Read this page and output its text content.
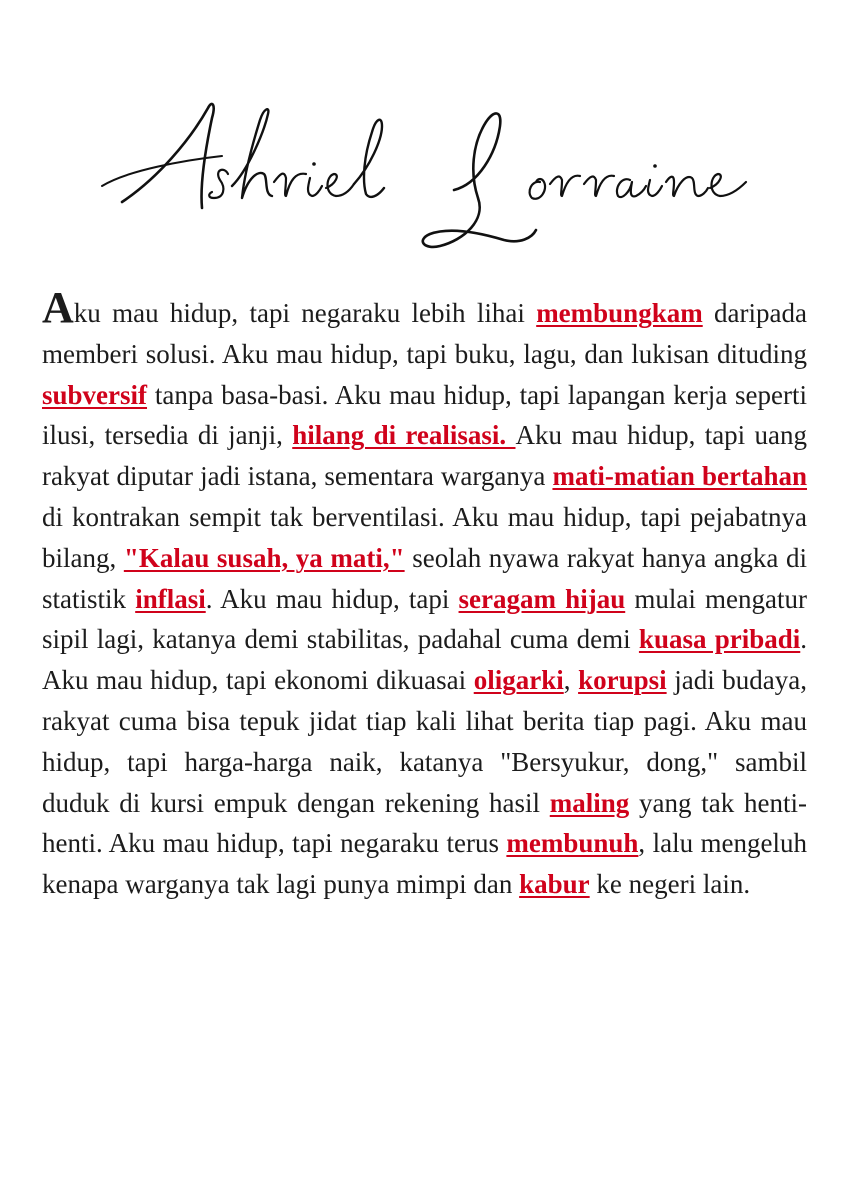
Aku mau hidup, tapi negaraku lebih lihai membungkam daripada memberi solusi. Aku mau hidup, tapi buku, lagu, dan lukisan dituding subversif tanpa basa-basi. Aku mau hidup, tapi lapangan kerja seperti ilusi, tersedia di janji, hilang di realisasi. Aku mau hidup, tapi uang rakyat diputar jadi istana, sementara warganya mati-matian bertahan di kontrakan sempit tak berventilasi. Aku mau hidup, tapi pejabatnya bilang, "Kalau susah, ya mati," seolah nyawa rakyat hanya angka di statistik inflasi. Aku mau hidup, tapi seragam hijau mulai mengatur sipil lagi, katanya demi stabilitas, padahal cuma demi kuasa pribadi. Aku mau hidup, tapi ekonomi dikuasai oligarki, korupsi jadi budaya, rakyat cuma bisa tepuk jidat tiap kali lihat berita tiap pagi. Aku mau hidup, tapi harga-harga naik, katanya "Bersyukur, dong," sambil duduk di kursi empuk dengan rekening hasil maling yang tak henti-henti. Aku mau hidup, tapi negaraku terus membunuh, lalu mengeluh kenapa warganya tak lagi punya mimpi dan kabur ke negeri lain.
